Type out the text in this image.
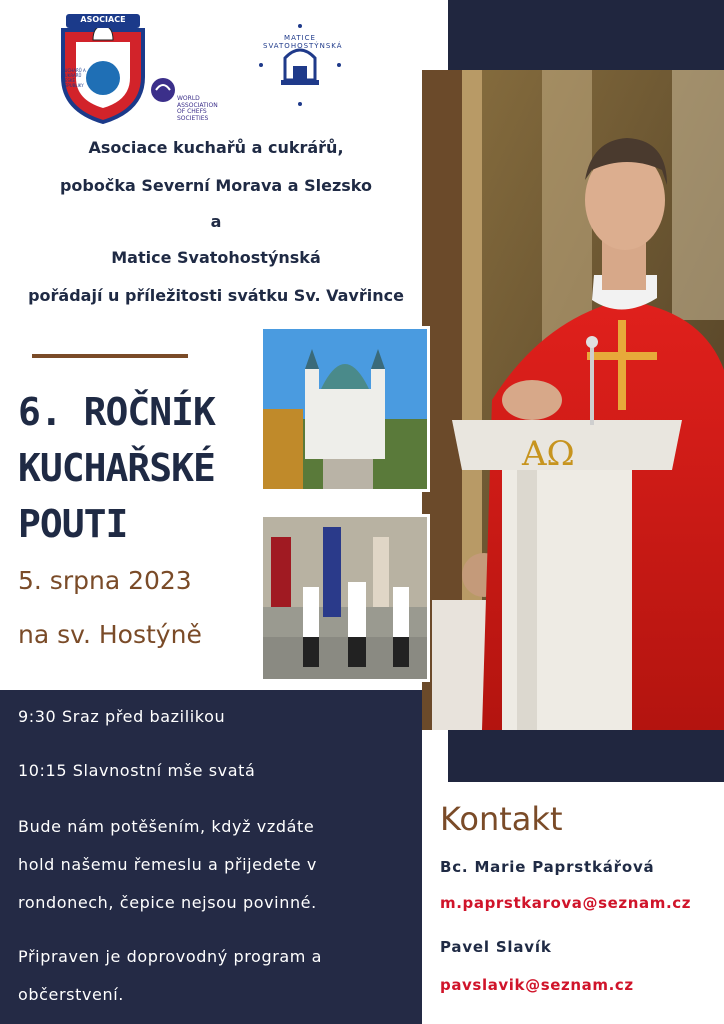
ΑΩ
ASOCIACE
KUCHAŘŮ A CUKRÁŘŮ ČESKÉ REPUBLIKY
WORLD
ASSOCIATION
OF CHEFS
SOCIETIES
MATICE SVATOHOSTÝNSKÁ
Asociace kuchařů a cukrářů,
pobočka Severní Morava a Slezsko
a
Matice Svatohostýnská
pořádají u příležitosti svátku Sv. Vavřince
6. ROČNÍK
KUCHAŘSKÉ
POUTI
5. srpna 2023
na sv. Hostýně
9:30 Sraz před bazilikou
10:15 Slavnostní mše svatá
Bude nám potěšením, když vzdáte
hold našemu řemeslu a přijedete v
rondonech, čepice nejsou povinné.
Připraven je doprovodný program a
občerstvení.
Kontakt
Bc. Marie Paprstkářová
m.paprstkarova@seznam.cz
Pavel Slavík
pavslavik@seznam.cz
